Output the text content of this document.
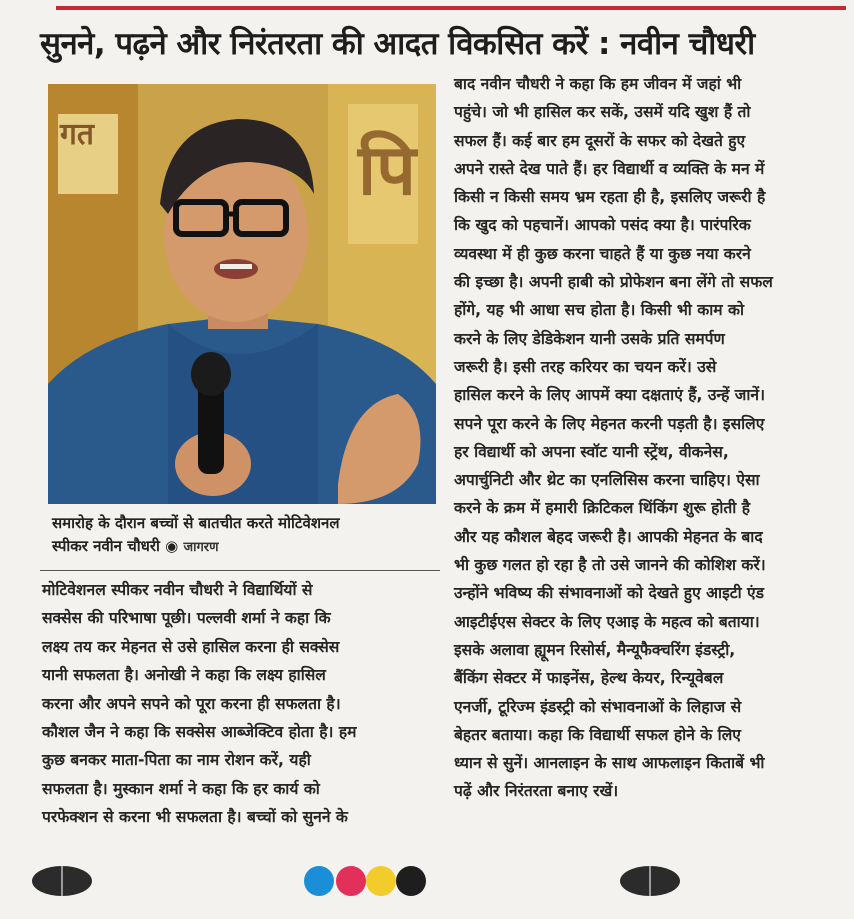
सुनने, पढ़ने और निरंतरता की आदत विकसित करें : नवीन चौधरी
गत	पि
समारोह के दौरान बच्चों से बातचीत करते मोटिवेशनल
स्पीकर नवीन चौधरी ◉ जागरण
मोटिवेशनल स्पीकर नवीन चौधरी ने विद्यार्थियों से
सक्सेस की परिभाषा पूछी। पल्लवी शर्मा ने कहा कि
लक्ष्य तय कर मेहनत से उसे हासिल करना ही सक्सेस
यानी सफलता है। अनोखी ने कहा कि लक्ष्य हासिल
करना और अपने सपने को पूरा करना ही सफलता है।
कौशल जैन ने कहा कि सक्सेस आब्जेक्टिव होता है। हम
कुछ बनकर माता-पिता का नाम रोशन करें, यही
सफलता है। मुस्कान शर्मा ने कहा कि हर कार्य को
परफेक्शन से करना भी सफलता है। बच्चों को सुनने के
बाद नवीन चौधरी ने कहा कि हम जीवन में जहां भी
पहुंचे। जो भी हासिल कर सकें, उसमें यदि खुश हैं तो
सफल हैं। कई बार हम दूसरों के सफर को देखते हुए
अपने रास्ते देख पाते हैं। हर विद्यार्थी व व्यक्ति के मन में
किसी न किसी समय भ्रम रहता ही है, इसलिए जरूरी है
कि खुद को पहचानें। आपको पसंद क्या है। पारंपरिक
व्यवस्था में ही कुछ करना चाहते हैं या कुछ नया करने
की इच्छा है। अपनी हाबी को प्रोफेशन बना लेंगे तो सफल
होंगे, यह भी आधा सच होता है। किसी भी काम को
करने के लिए डेडिकेशन यानी उसके प्रति समर्पण
जरूरी है। इसी तरह करियर का चयन करें। उसे
हासिल करने के लिए आपमें क्या दक्षताएं हैं, उन्हें जानें।
सपने पूरा करने के लिए मेहनत करनी पड़ती है। इसलिए
हर विद्यार्थी को अपना स्वॉट यानी स्ट्रेंथ, वीकनेस,
अपार्चुनिटी और थ्रेट का एनलिसिस करना चाहिए। ऐसा
करने के क्रम में हमारी क्रिटिकल थिंकिंग शुरू होती है
और यह कौशल बेहद जरूरी है। आपकी मेहनत के बाद
भी कुछ गलत हो रहा है तो उसे जानने की कोशिश करें।
उन्होंने भविष्य की संभावनाओं को देखते हुए आइटी एंड
आइटीईएस सेक्टर के लिए एआइ के महत्व को बताया।
इसके अलावा ह्यूमन रिसोर्स, मैन्यूफैक्चरिंग इंडस्ट्री,
बैंकिंग सेक्टर में फाइनेंस, हेल्थ केयर, रिन्यूवेबल
एनर्जी, टूरिज्म इंडस्ट्री को संभावनाओं के लिहाज से
बेहतर बताया। कहा कि विद्यार्थी सफल होने के लिए
ध्यान से सुनें। आनलाइन के साथ आफलाइन किताबें भी
पढ़ें और निरंतरता बनाए रखें।
